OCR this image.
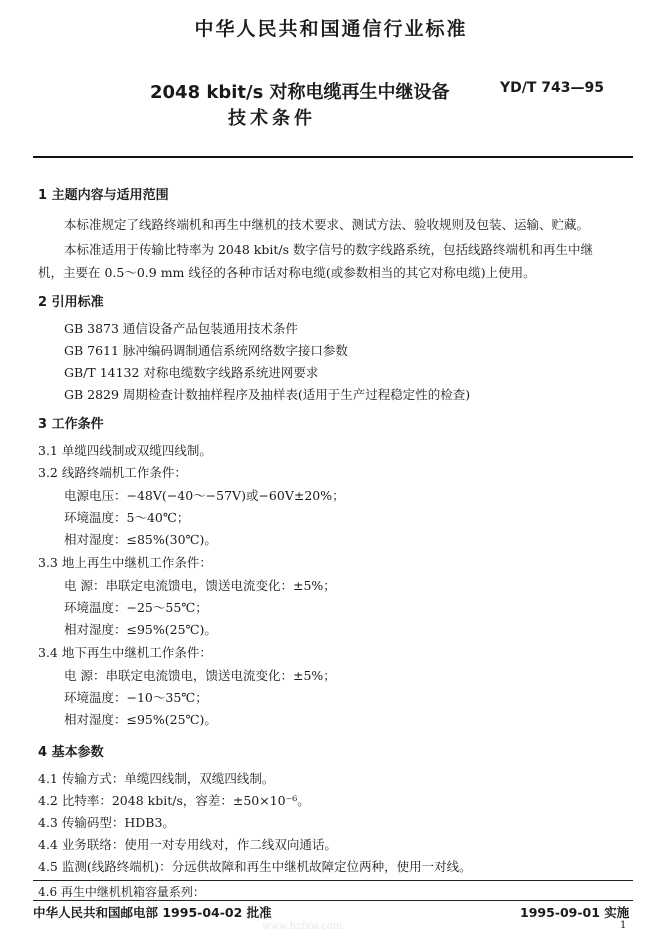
中华人民共和国通信行业标准
2048 kbit/s 对称电缆再生中继设备
技术条件
YD/T 743—95
1 主题内容与适用范围
本标准规定了线路终端机和再生中继机的技术要求、测试方法、验收规则及包装、运输、贮藏。
本标准适用于传输比特率为 2048 kbit/s 数字信号的数字线路系统，包括线路终端机和再生中继
机，主要在 0.5～0.9 mm 线径的各种市话对称电缆(或参数相当的其它对称电缆)上使用。
2 引用标准
GB 3873 通信设备产品包装通用技术条件
GB 7611 脉冲编码调制通信系统网络数字接口参数
GB/T 14132 对称电缆数字线路系统进网要求
GB 2829 周期检查计数抽样程序及抽样表(适用于生产过程稳定性的检查)
3 工作条件
3.1 单缆四线制或双缆四线制。
3.2 线路终端机工作条件：
电源电压：−48V(−40～−57V)或−60V±20%；
环境温度：5～40℃；
相对湿度：≤85%(30℃)。
3.3 地上再生中继机工作条件：
电 源：串联定电流馈电，馈送电流变化：±5%；
环境温度：−25～55℃；
相对湿度：≤95%(25℃)。
3.4 地下再生中继机工作条件：
电 源：串联定电流馈电，馈送电流变化：±5%；
环境温度：−10～35℃；
相对湿度：≤95%(25℃)。
4 基本参数
4.1 传输方式：单缆四线制，双缆四线制。
4.2 比特率：2048 kbit/s，容差：±50×10⁻⁶。
4.3 传输码型：HDB3。
4.4 业务联络：使用一对专用线对，作二线双向通话。
4.5 监测(线路终端机)：分远供故障和再生中继机故障定位两种，使用一对线。
4.6 再生中继机机箱容量系列：
中华人民共和国邮电部 1995-04-02 批准	1995-09-01 实施
1
www.bzfxw.com
